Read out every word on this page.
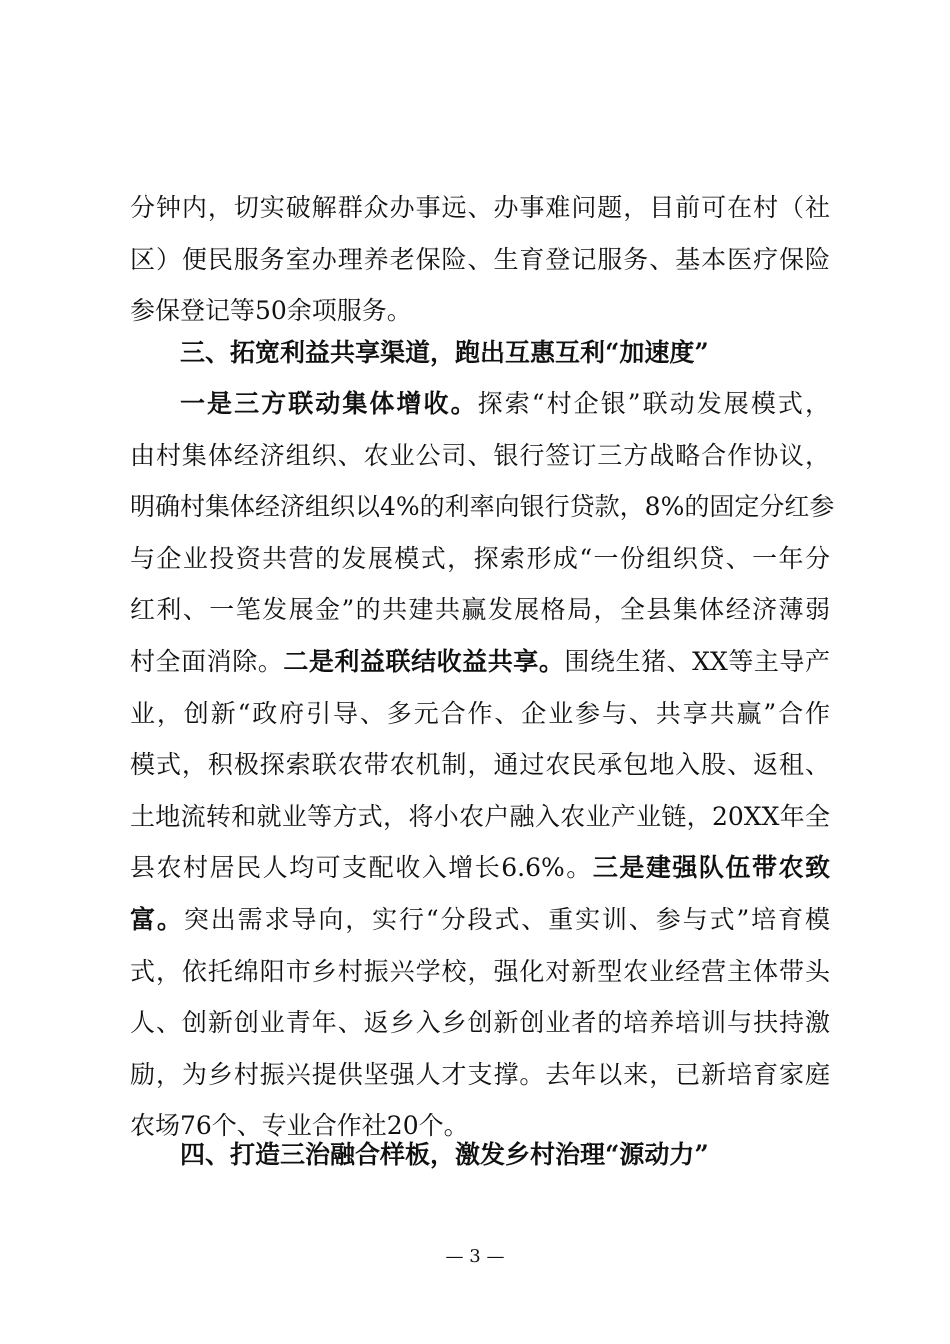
分钟内，切实破解群众办事远、办事难问题，目前可在村（社
区）便民服务室办理养老保险、生育登记服务、基本医疗保险
参保登记等50余项服务。
三、拓宽利益共享渠道，跑出互惠互利“加速度”
一是三方联动集体增收。探索“村企银”联动发展模式，
由村集体经济组织、农业公司、银行签订三方战略合作协议，
明确村集体经济组织以4%的利率向银行贷款，8%的固定分红参
与企业投资共营的发展模式，探索形成“一份组织贷、一年分
红利、一笔发展金”的共建共赢发展格局，全县集体经济薄弱
村全面消除。二是利益联结收益共享。围绕生猪、XX等主导产
业，创新“政府引导、多元合作、企业参与、共享共赢”合作
模式，积极探索联农带农机制，通过农民承包地入股、返租、
土地流转和就业等方式，将小农户融入农业产业链，20XX年全
县农村居民人均可支配收入增长6.6%。三是建强队伍带农致
富。突出需求导向，实行“分段式、重实训、参与式”培育模
式，依托绵阳市乡村振兴学校，强化对新型农业经营主体带头
人、创新创业青年、返乡入乡创新创业者的培养培训与扶持激
励，为乡村振兴提供坚强人才支撑。去年以来，已新培育家庭
农场76个、专业合作社20个。
四、打造三治融合样板，激发乡村治理“源动力”
— 3 —
